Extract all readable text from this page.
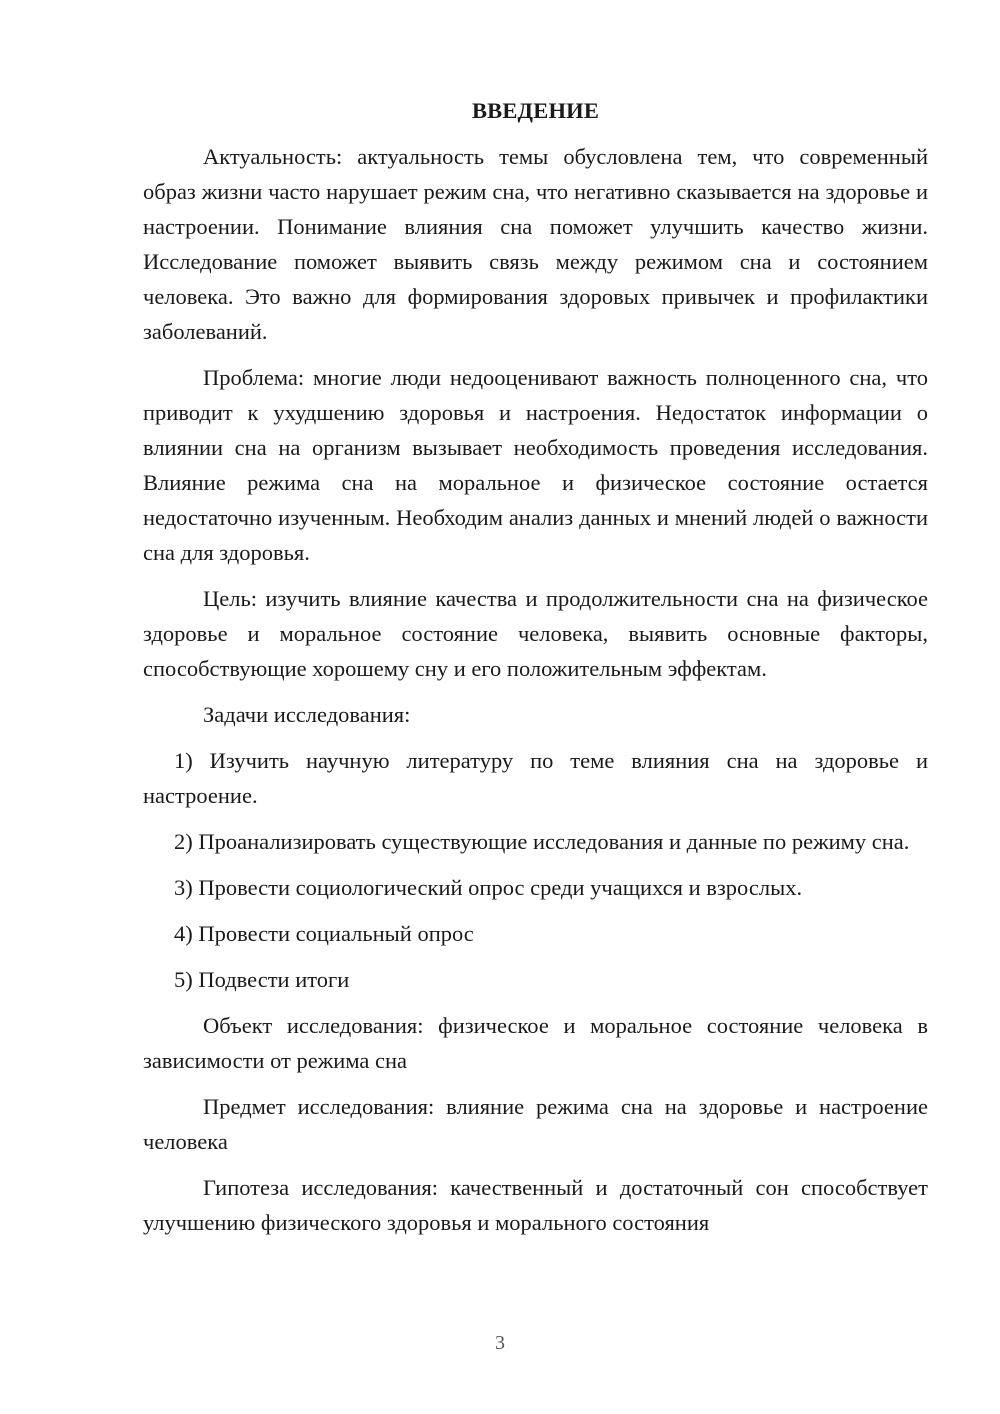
ВВЕДЕНИЕ

Актуальность: актуальность темы обусловлена тем, что современный образ жизни часто нарушает режим сна, что негативно сказывается на здоровье и настроении. Понимание влияния сна поможет улучшить качество жизни. Исследование поможет выявить связь между режимом сна и состоянием человека. Это важно для формирования здоровых привычек и профилактики заболеваний.

Проблема: многие люди недооценивают важность полноценного сна, что приводит к ухудшению здоровья и настроения. Недостаток информации о влиянии сна на организм вызывает необходимость проведения исследования. Влияние режима сна на моральное и физическое состояние остается недостаточно изученным. Необходим анализ данных и мнений людей о важности сна для здоровья.

Цель: изучить влияние качества и продолжительности сна на физическое здоровье и моральное состояние человека, выявить основные факторы, способствующие хорошему сну и его положительным эффектам.

Задачи исследования:

1) Изучить научную литературу по теме влияния сна на здоровье и настроение.

2) Проанализировать существующие исследования и данные по режиму сна.

3) Провести социологический опрос среди учащихся и взрослых.

4) Провести социальный опрос

5) Подвести итоги

Объект исследования: физическое и моральное состояние человека в зависимости от режима сна

Предмет исследования: влияние режима сна на здоровье и настроение человека

Гипотеза исследования: качественный и достаточный сон способствует улучшению физического здоровья и морального состояния

3
